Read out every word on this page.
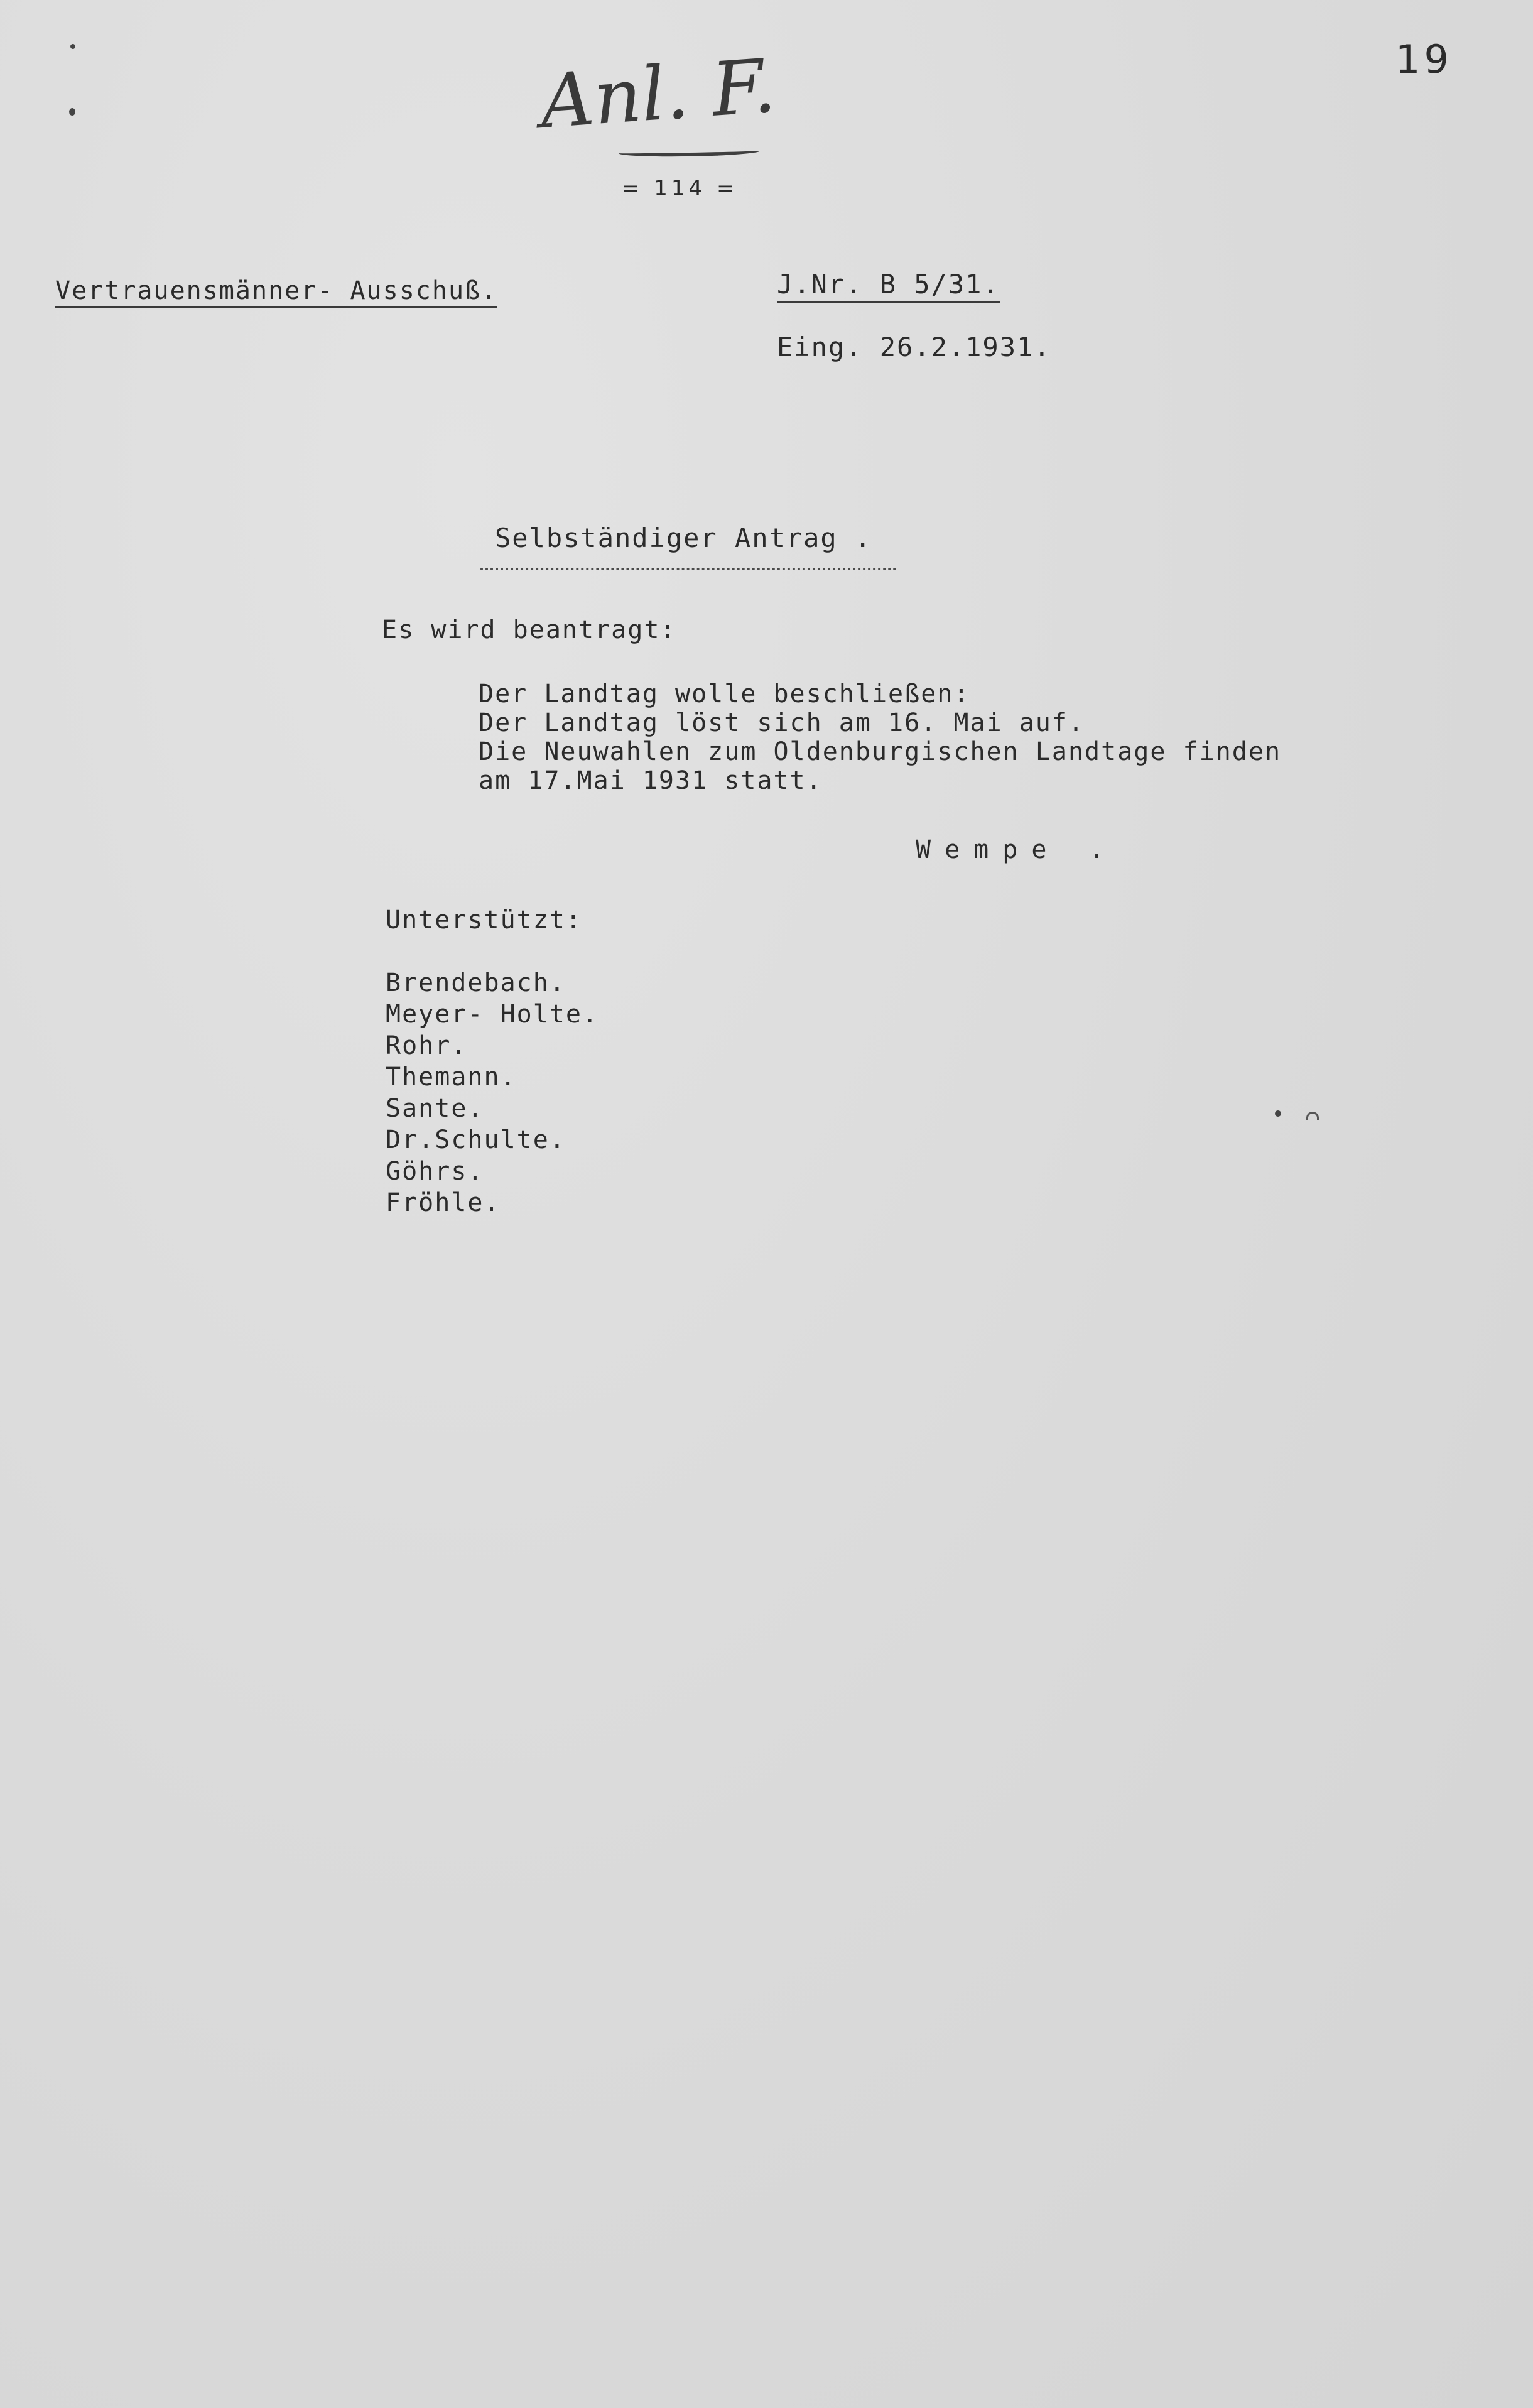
19
Anl. F.
= 114 =
Vertrauensmänner- Ausschuß.	J.Nr. B 5/31.
Eing. 26.2.1931.
Selbständiger Antrag .
Es wird beantragt:
Der Landtag wolle beschließen:
Der Landtag löst sich am 16. Mai auf.
Die Neuwahlen zum Oldenburgischen Landtage finden
am 17.Mai 1931 statt.
Wempe .
Unterstützt:
Brendebach.
Meyer- Holte.
Rohr.
Themann.
Sante.
Dr.Schulte.
Göhrs.
Fröhle.
